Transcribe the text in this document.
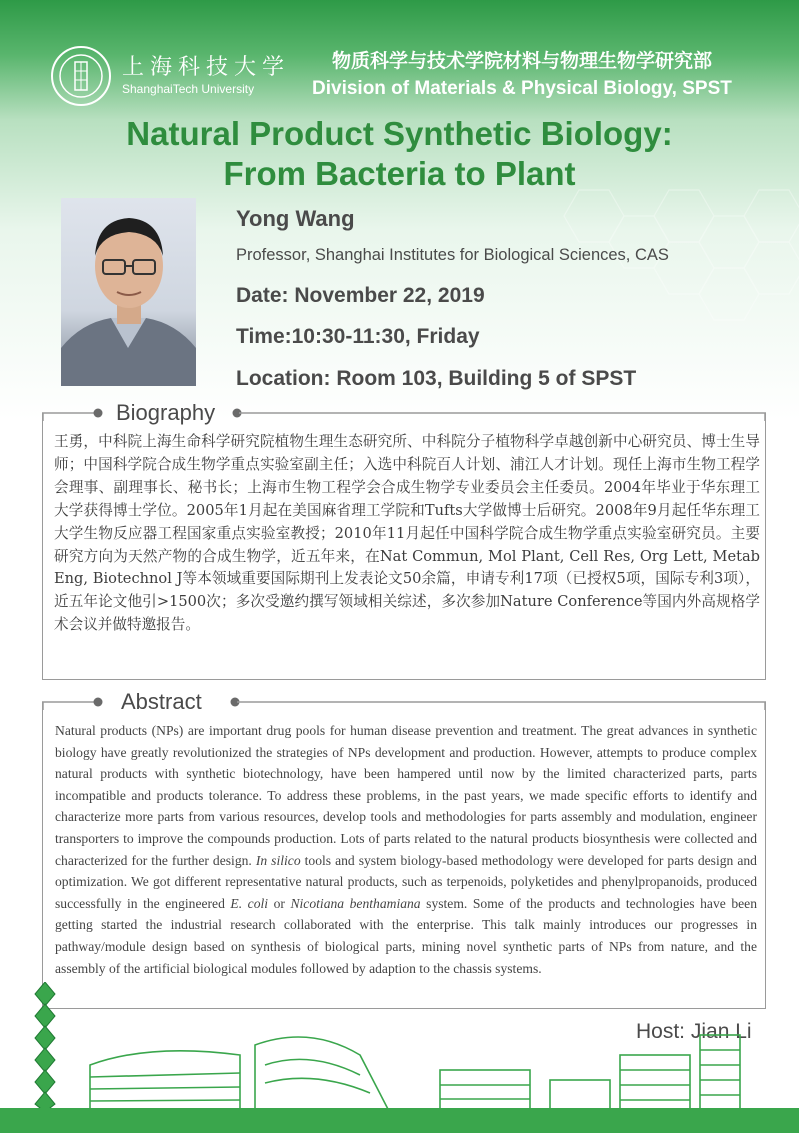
上海科技大学
ShanghaiTech University
物质科学与技术学院材料与物理生物学研究部
Division of Materials & Physical Biology, SPST
Natural Product Synthetic Biology:
From Bacteria to Plant
Yong Wang
Professor, Shanghai Institutes for Biological Sciences, CAS
Date: November 22, 2019
Time:10:30-11:30, Friday
Location: Room 103, Building 5 of SPST
Biography
王勇，中科院上海生命科学研究院植物生理生态研究所、中科院分子植物科学卓越创新中心研究员、博士生导师；中国科学院合成生物学重点实验室副主任；入选中科院百人计划、浦江人才计划。现任上海市生物工程学会理事、副理事长、秘书长；上海市生物工程学会合成生物学专业委员会主任委员。2004年毕业于华东理工大学获得博士学位。2005年1月起在美国麻省理工学院和Tufts大学做博士后研究。2008年9月起任华东理工大学生物反应器工程国家重点实验室教授；2010年11月起任中国科学院合成生物学重点实验室研究员。主要研究方向为天然产物的合成生物学，近五年来，在Nat Commun, Mol Plant, Cell Res, Org Lett, Metab Eng, Biotechnol J等本领域重要国际期刊上发表论文50余篇，申请专利17项（已授权5项，国际专利3项），近五年论文他引>1500次；多次受邀约撰写领域相关综述，多次参加Nature Conference等国内外高规格学术会议并做特邀报告。
Abstract
Natural products (NPs) are important drug pools for human disease prevention and treatment. The great advances in synthetic biology have greatly revolutionized the strategies of NPs development and production. However, attempts to produce complex natural products with synthetic biotechnology, have been hampered until now by the limited characterized parts, parts incompatible and products tolerance. To address these problems, in the past years, we made specific efforts to identify and characterize more parts from various resources, develop tools and methodologies for parts assembly and modulation, engineer transporters to improve the compounds production. Lots of parts related to the natural products biosynthesis were collected and characterized for the further design. In silico tools and system biology-based methodology were developed for parts design and optimization. We got different representative natural products, such as terpenoids, polyketides and phenylpropanoids, produced successfully in the engineered E. coli or Nicotiana benthamiana system. Some of the products and technologies have been getting started the industrial research collaborated with the enterprise. This talk mainly introduces our progresses in pathway/module design based on synthesis of biological parts, mining novel synthetic parts of NPs from nature, and the assembly of the artificial biological modules followed by adaption to the chassis systems.
Host: Jian Li
